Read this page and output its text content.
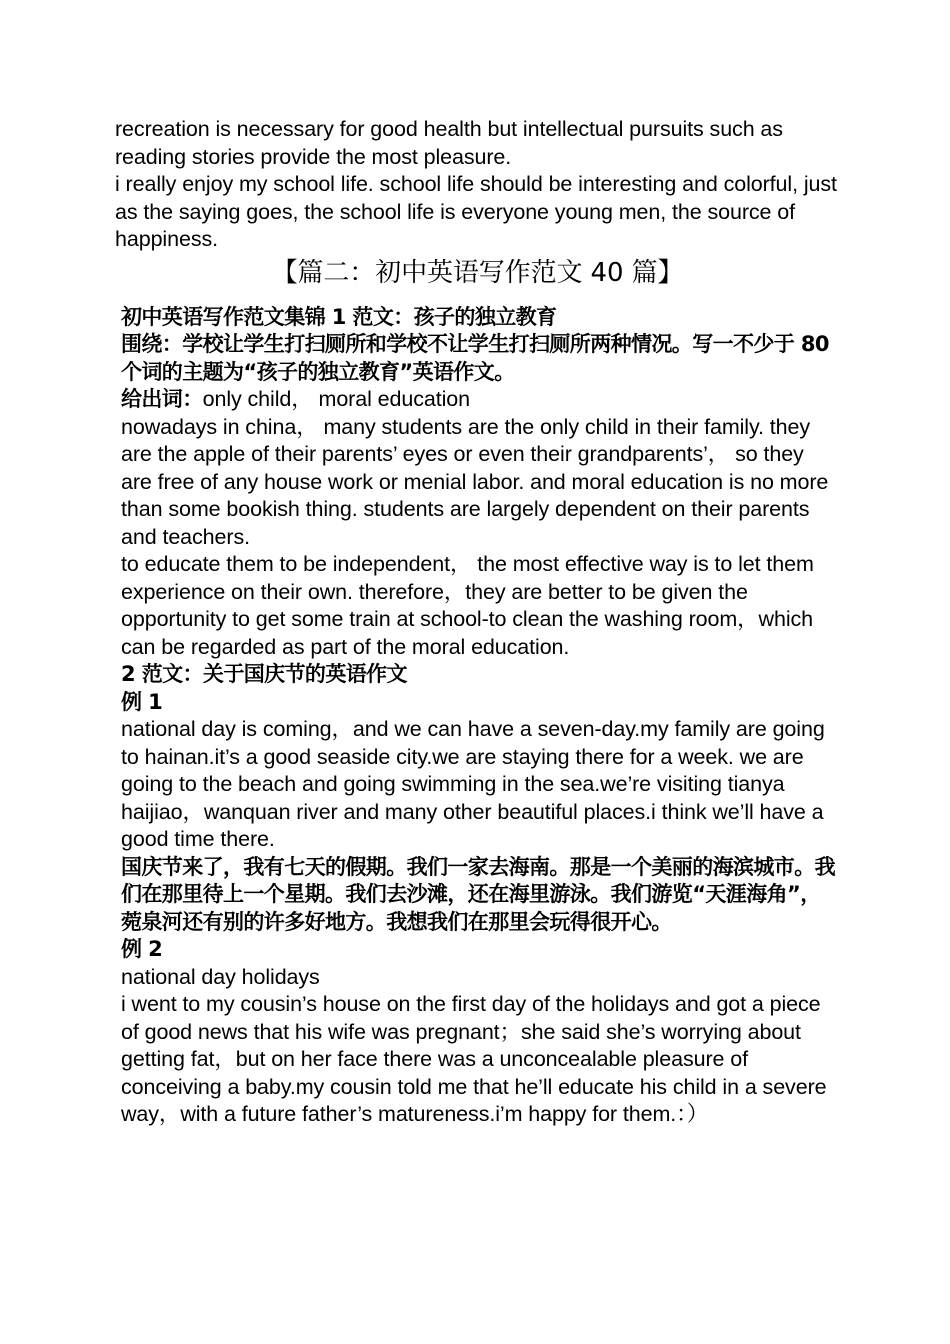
recreation is necessary for good health but intellectual pursuits such as reading stories provide the most pleasure.

i really enjoy my school life. school life should be interesting and colorful, just as the saying goes, the school life is everyone young men, the source of happiness.

【篇二：初中英语写作范文 40 篇】

初中英语写作范文集锦 1 范文：孩子的独立教育

围绕：学校让学生打扫厕所和学校不让学生打扫厕所两种情况。写一不少于 80 个词的主题为“孩子的独立教育”英语作文。

给出词：only child， moral education

nowadays in china， many students are the only child in their family. they are the apple of their parents’ eyes or even their grandparents’， so they are free of any house work or menial labor. and moral education is no more than some bookish thing. students are largely dependent on their parents and teachers.

to educate them to be independent， the most effective way is to let them experience on their own. therefore，they are better to be given the opportunity to get some train at school-to clean the washing room，which can be regarded as part of the moral education.

2 范文：关于国庆节的英语作文

例 1

national day is coming，and we can have a seven-day.my family are going to hainan.it’s a good seaside city.we are staying there for a week. we are going to the beach and going swimming in the sea.we’re visiting tianya haijiao，wanquan river and many other beautiful places.i think we’ll have a good time there.

国庆节来了，我有七天的假期。我们一家去海南。那是一个美丽的海滨城市。我们在那里待上一个星期。我们去沙滩，还在海里游泳。我们游览“天涯海角”，菀泉河还有别的许多好地方。我想我们在那里会玩得很开心。

例 2

national day holidays

i went to my cousin’s house on the first day of the holidays and got a piece of good news that his wife was pregnant；she said she’s worrying about getting fat，but on her face there was a unconcealable pleasure of conceiving a baby.my cousin told me that he’ll educate his child in a severe way，with a future father’s matureness.i’m happy for them.：）
